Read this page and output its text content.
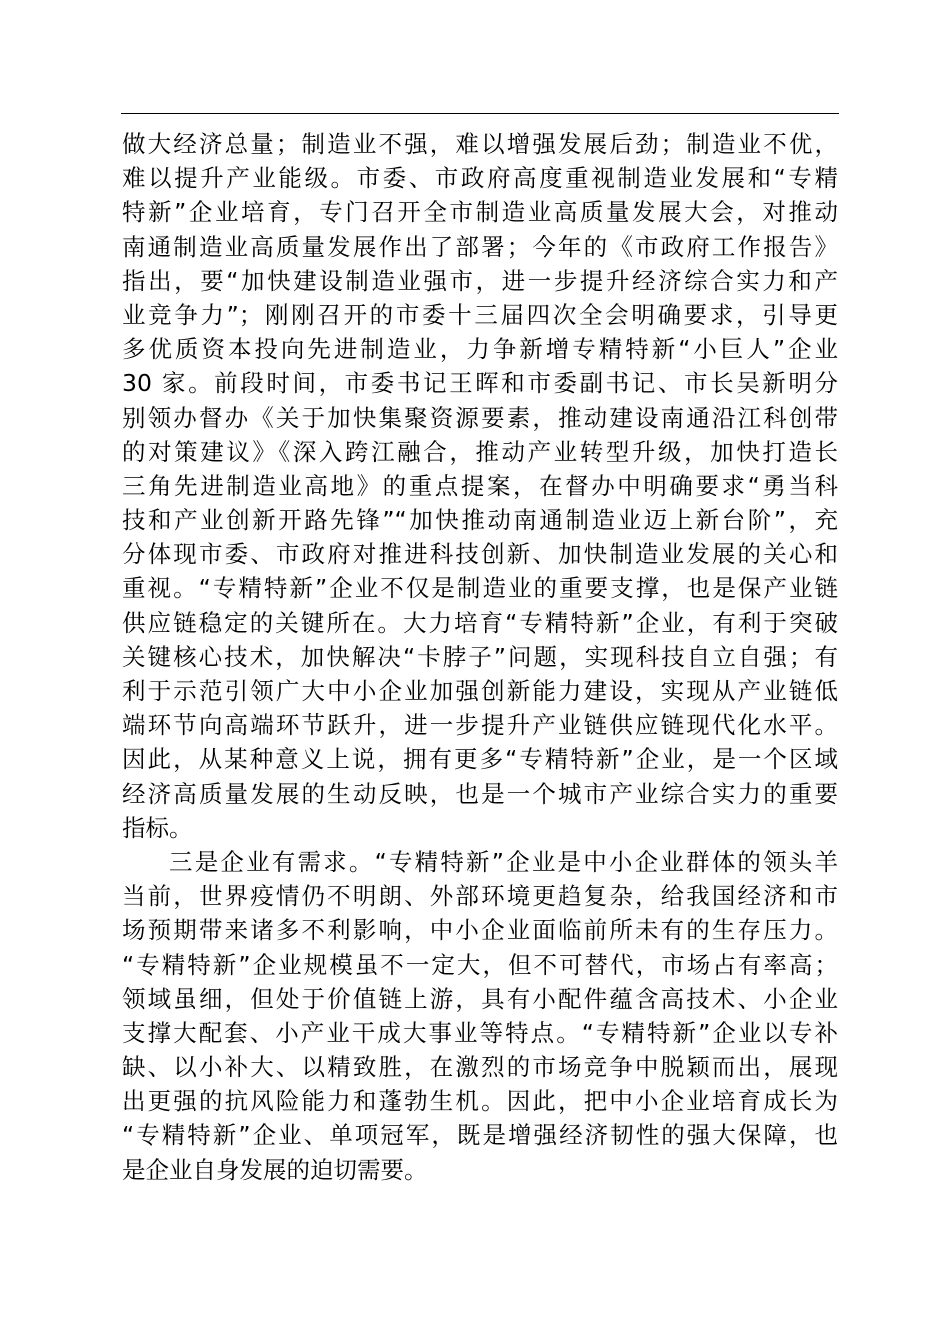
做大经济总量；制造业不强，难以增强发展后劲；制造业不优，
难以提升产业能级。市委、市政府高度重视制造业发展和“专精
特新”企业培育，专门召开全市制造业高质量发展大会，对推动
南通制造业高质量发展作出了部署；今年的《市政府工作报告》
指出，要“加快建设制造业强市，进一步提升经济综合实力和产
业竞争力”；刚刚召开的市委十三届四次全会明确要求，引导更
多优质资本投向先进制造业，力争新增专精特新“小巨人”企业
30 家。前段时间，市委书记王晖和市委副书记、市长吴新明分
别领办督办《关于加快集聚资源要素，推动建设南通沿江科创带
的对策建议》《深入跨江融合，推动产业转型升级，加快打造长
三角先进制造业高地》的重点提案，在督办中明确要求“勇当科
技和产业创新开路先锋”“加快推动南通制造业迈上新台阶”，充
分体现市委、市政府对推进科技创新、加快制造业发展的关心和
重视。“专精特新”企业不仅是制造业的重要支撑，也是保产业链
供应链稳定的关键所在。大力培育“专精特新”企业，有利于突破
关键核心技术，加快解决“卡脖子”问题，实现科技自立自强；有
利于示范引领广大中小企业加强创新能力建设，实现从产业链低
端环节向高端环节跃升，进一步提升产业链供应链现代化水平。
因此，从某种意义上说，拥有更多“专精特新”企业，是一个区域
经济高质量发展的生动反映，也是一个城市产业综合实力的重要
指标。
三是企业有需求。“专精特新”企业是中小企业群体的领头羊
当前，世界疫情仍不明朗、外部环境更趋复杂，给我国经济和市
场预期带来诸多不利影响，中小企业面临前所未有的生存压力。
“专精特新”企业规模虽不一定大，但不可替代，市场占有率高；
领域虽细，但处于价值链上游，具有小配件蕴含高技术、小企业
支撑大配套、小产业干成大事业等特点。“专精特新”企业以专补
缺、以小补大、以精致胜，在激烈的市场竞争中脱颖而出，展现
出更强的抗风险能力和蓬勃生机。因此，把中小企业培育成长为
“专精特新”企业、单项冠军，既是增强经济韧性的强大保障，也
是企业自身发展的迫切需要。
